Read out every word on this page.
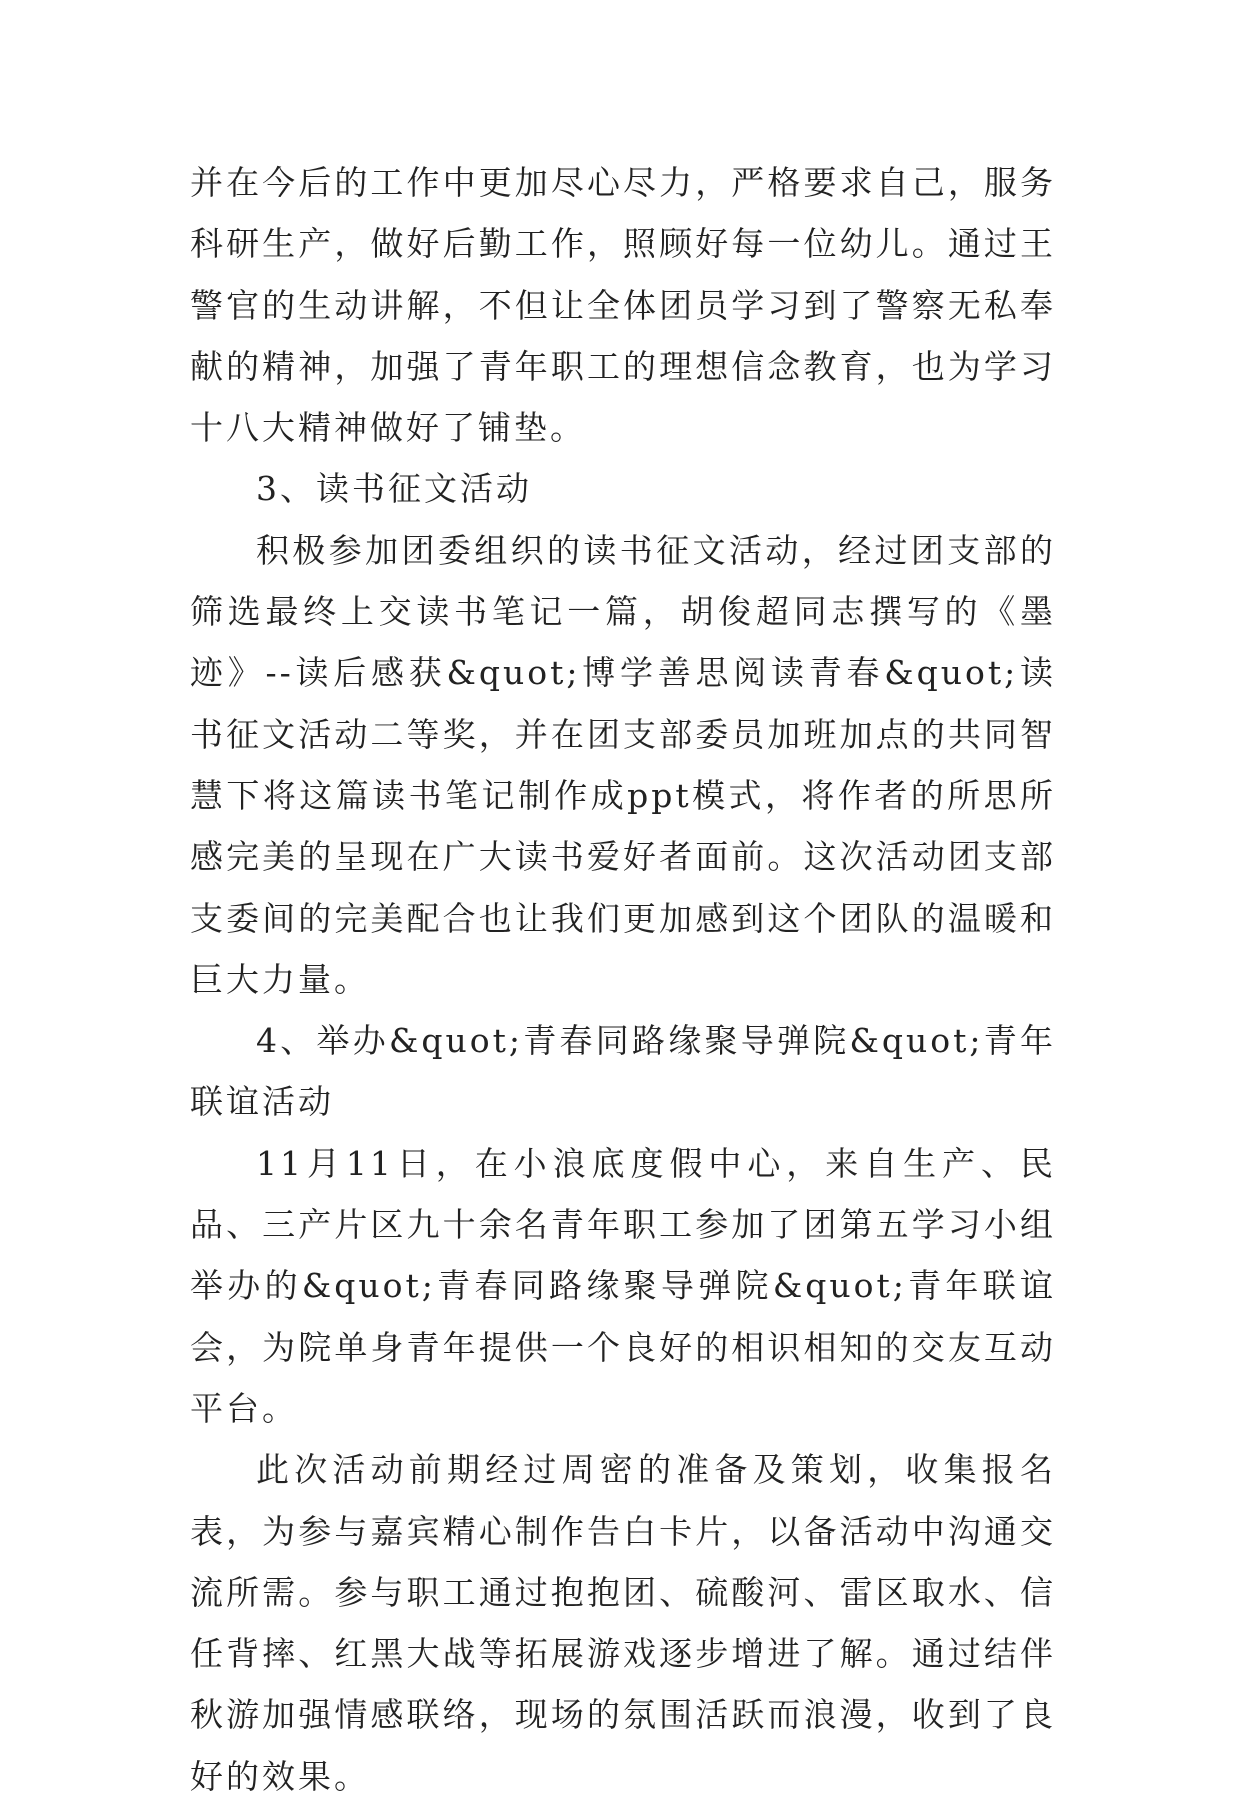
并在今后的工作中更加尽心尽力，严格要求自己，服务科研生产，做好后勤工作，照顾好每一位幼儿。通过王警官的生动讲解，不但让全体团员学习到了警察无私奉献的精神，加强了青年职工的理想信念教育，也为学习十八大精神做好了铺垫。

3、读书征文活动

积极参加团委组织的读书征文活动，经过团支部的筛选最终上交读书笔记一篇，胡俊超同志撰写的《墨迹》--读后感获&quot;博学善思阅读青春&quot;读书征文活动二等奖，并在团支部委员加班加点的共同智慧下将这篇读书笔记制作成ppt模式，将作者的所思所感完美的呈现在广大读书爱好者面前。这次活动团支部支委间的完美配合也让我们更加感到这个团队的温暖和巨大力量。

4、举办&quot;青春同路缘聚导弹院&quot;青年联谊活动

11月11日，在小浪底度假中心，来自生产、民品、三产片区九十余名青年职工参加了团第五学习小组举办的&quot;青春同路缘聚导弹院&quot;青年联谊会，为院单身青年提供一个良好的相识相知的交友互动平台。

此次活动前期经过周密的准备及策划，收集报名表，为参与嘉宾精心制作告白卡片，以备活动中沟通交流所需。参与职工通过抱抱团、硫酸河、雷区取水、信任背摔、红黑大战等拓展游戏逐步增进了解。通过结伴秋游加强情感联络，现场的氛围活跃而浪漫，收到了良好的效果。
